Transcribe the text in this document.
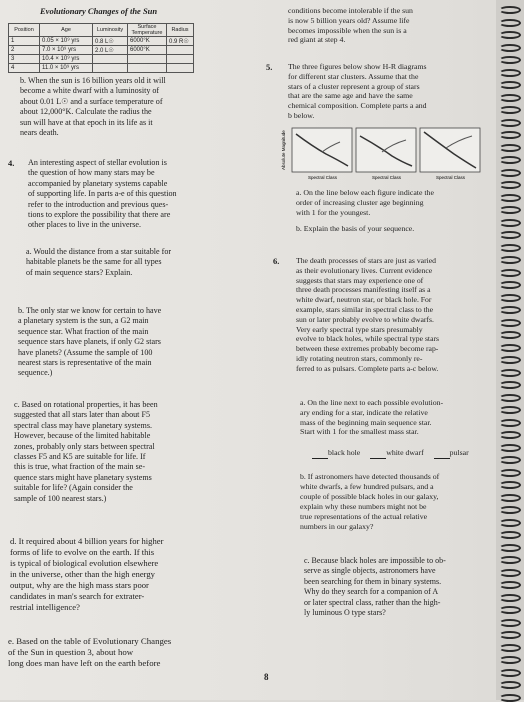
Evolutionary Changes of the Sun
Position	Age	Luminosity	Surface Temperature	Radius
1	0.05 × 10⁹ yrs	0.8 L☉	6000°K	0.9 R☉
2	7.0 × 10⁹ yrs	2.0 L☉	6000°K	
3	10.4 × 10⁹ yrs			
4	11.0 × 10⁹ yrs			
b. When the sun is 16 billion years old it will
become a white dwarf with a luminosity of
about 0.01 L☉ and a surface temperature of
about 12,000°K. Calculate the radius the
sun will have at that epoch in its life as it
nears death.
4. An interesting aspect of stellar evolution is
the question of how many stars may be
accompanied by planetary systems capable
of supporting life. In parts a-e of this question
refer to the introduction and previous ques-
tions to explore the possibility that there are
other places to live in the universe.
a. Would the distance from a star suitable for
habitable planets be the same for all types
of main sequence stars? Explain.
b. The only star we know for certain to have
a planetary system is the sun, a G2 main
sequence star. What fraction of the main
sequence stars have planets, if only G2 stars
have planets? (Assume the sample of 100
nearest stars is representative of the main
sequence.)
c. Based on rotational properties, it has been
suggested that all stars later than about F5
spectral class may have planetary systems.
However, because of the limited habitable
zones, probably only stars between spectral
classes F5 and K5 are suitable for life. If
this is true, what fraction of the main se-
quence stars might have planetary systems
suitable for life? (Again consider the
sample of 100 nearest stars.)
d. It required about 4 billion years for higher
forms of life to evolve on the earth. If this
is typical of biological evolution elsewhere
in the universe, other than the high energy
output, why are the high mass stars poor
candidates in man's search for extrater-
restrial intelligence?
e. Based on the table of Evolutionary Changes
of the Sun in question 3, about how
long does man have left on the earth before
conditions become intolerable if the sun
is now 5 billion years old? Assume life
becomes impossible when the sun is a
red giant at step 4.
5. The three figures below show H-R diagrams
for different star clusters. Assume that the
stars of a cluster represent a group of stars
that are the same age and have the same
chemical composition. Complete parts a and
b below.
Absolute Magnitude
Spectral Class	Spectral Class	Spectral Class
a. On the line below each figure indicate the
order of increasing cluster age beginning
with 1 for the youngest.
b. Explain the basis of your sequence.
6. The death processes of stars are just as varied
as their evolutionary lives. Current evidence
suggests that stars may experience one of
three death processes manifesting itself as a
white dwarf, neutron star, or black hole. For
example, stars similar in spectral class to the
sun or later probably evolve to white dwarfs.
Very early spectral type stars presumably
evolve to black holes, while spectral type stars
between these extremes probably become rap-
idly rotating neutron stars, commonly re-
ferred to as pulsars. Complete parts a-c below.
a. On the line next to each possible evolution-
ary ending for a star, indicate the relative
mass of the beginning main sequence star.
Start with 1 for the smallest mass star.
black hole	white dwarf	pulsar
b. If astronomers have detected thousands of
white dwarfs, a few hundred pulsars, and a
couple of possible black holes in our galaxy,
explain why these numbers might not be
true representations of the actual relative
numbers in our galaxy?
c. Because black holes are impossible to ob-
serve as single objects, astronomers have
been searching for them in binary systems.
Why do they search for a companion of A
or later spectral class, rather than the high-
ly luminous O type stars?
8
